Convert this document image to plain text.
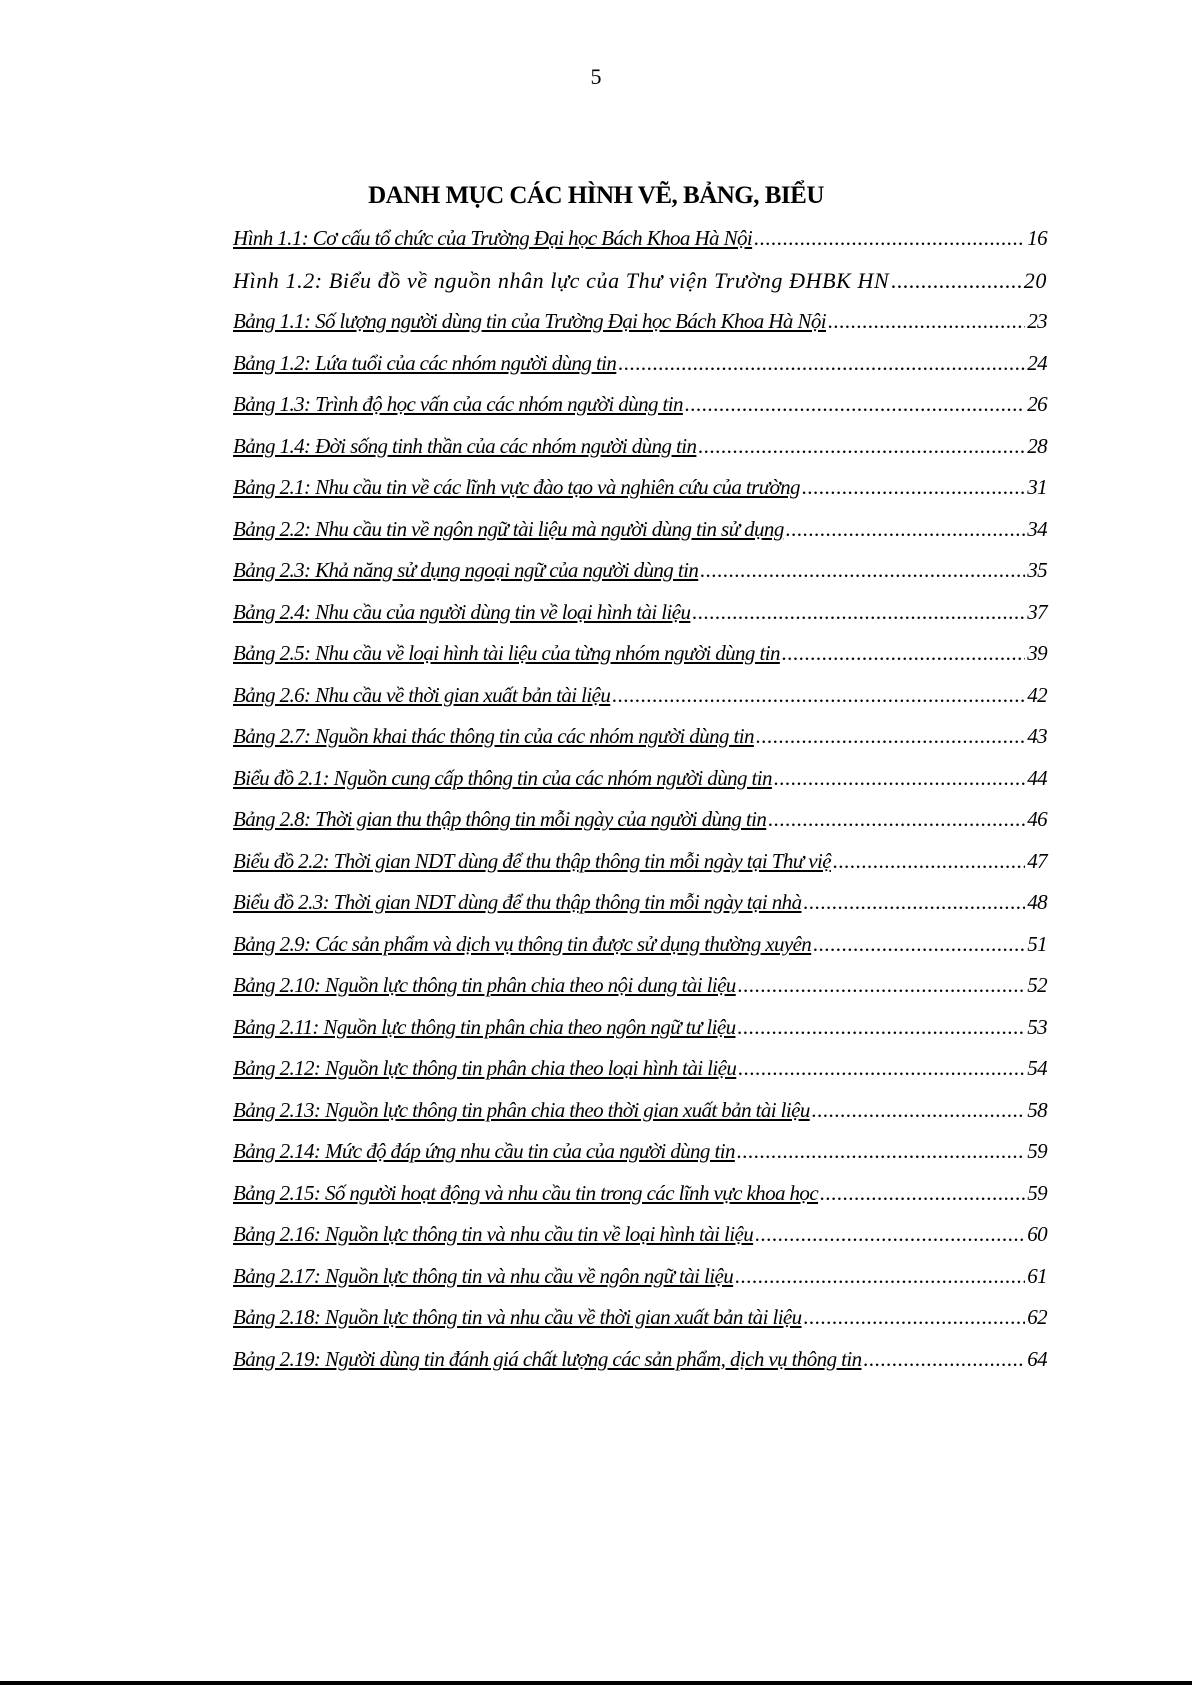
5
DANH MỤC CÁC HÌNH VẼ, BẢNG, BIỂU
Hình 1.1: Cơ cấu tổ chức của Trường Đại học Bách Khoa Hà Nội .....	16
Hình 1.2: Biểu đồ về nguồn nhân lực của Thư viện Trường ĐHBK HN .....	20
Bảng 1.1: Số lượng người dùng tin của Trường Đại học Bách Khoa Hà Nội .....	23
Bảng 1.2: Lứa tuổi của các nhóm người dùng tin .....	24
Bảng 1.3: Trình độ học vấn của các nhóm người dùng tin .....	26
Bảng 1.4: Đời sống tinh thần của các nhóm người dùng tin .....	28
Bảng 2.1: Nhu cầu tin về các lĩnh vực đào tạo và nghiên cứu của trường .....	31
Bảng 2.2: Nhu cầu tin về ngôn ngữ tài liệu mà người dùng tin sử dụng .....	34
Bảng 2.3: Khả năng sử dụng ngoại ngữ của người dùng tin .....	35
Bảng 2.4: Nhu cầu của người dùng tin về loại hình tài liệu .....	37
Bảng 2.5: Nhu cầu về loại hình tài liệu của từng nhóm người dùng tin .....	39
Bảng 2.6: Nhu cầu về thời gian xuất bản tài liệu .....	42
Bảng 2.7: Nguồn khai thác thông tin của các nhóm người dùng tin .....	43
Biểu đồ 2.1: Nguồn cung cấp thông tin của các nhóm người dùng tin .....	44
Bảng 2.8: Thời gian thu thập thông tin mỗi ngày của người dùng tin .....	46
Biểu đồ 2.2: Thời gian NDT dùng để thu thập thông tin mỗi ngày tại Thư việ .....	47
Biểu đồ 2.3: Thời gian NDT dùng để thu thập thông tin mỗi ngày tại nhà .....	48
Bảng 2.9: Các sản phẩm và dịch vụ thông tin được sử dụng thường xuyên .....	51
Bảng 2.10: Nguồn lực thông tin phân chia theo nội dung tài liệu .....	52
Bảng 2.11: Nguồn lực thông tin phân chia theo ngôn ngữ tư liệu .....	53
Bảng 2.12: Nguồn lực thông tin phân chia theo loại hình tài liệu .....	54
Bảng 2.13: Nguồn lực thông tin phân chia theo thời gian xuất bản tài liệu .....	58
Bảng 2.14: Mức độ đáp ứng nhu cầu tin của của người dùng tin .....	59
Bảng 2.15: Số người hoạt động và nhu cầu tin trong các lĩnh vực khoa học .....	59
Bảng 2.16: Nguồn lực thông tin và nhu cầu tin về loại hình tài liệu .....	60
Bảng 2.17: Nguồn lực thông tin và nhu cầu về ngôn ngữ tài liệu .....	61
Bảng 2.18: Nguồn lực thông tin và nhu cầu về thời gian xuất bản tài liệu .....	62
Bảng 2.19: Người dùng tin đánh giá chất lượng các sản phẩm, dịch vụ thông tin .....	64
